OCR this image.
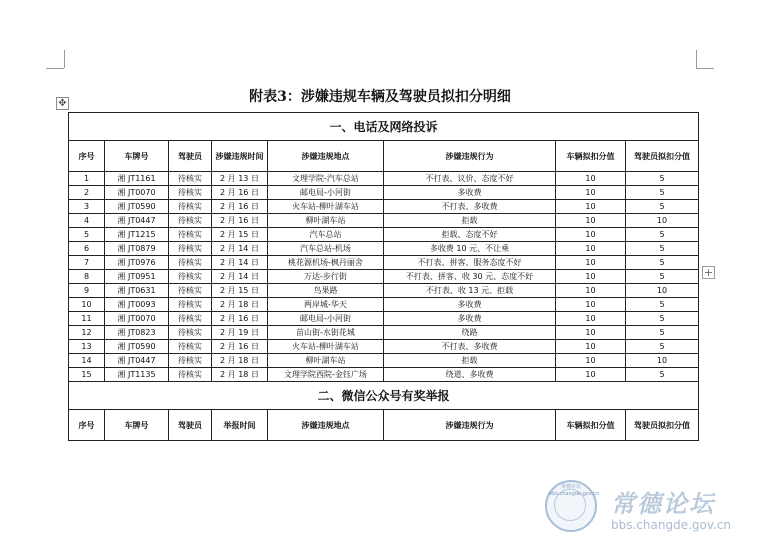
✥
+
附表3：涉嫌违规车辆及驾驶员拟扣分明细
一、电话及网络投诉							
序号	车牌号	驾驶员	涉嫌违规时间	涉嫌违规地点	涉嫌违规行为	车辆拟扣分值	驾驶员拟扣分值
1	湘 JT1161	待核实	2 月 13 日	文理学院-汽车总站	不打表、议价、态度不好	10	5
2	湘 JT0070	待核实	2 月 16 日	邮电局-小河街	多收费	10	5
3	湘 JT0590	待核实	2 月 16 日	火车站-柳叶湖车站	不打表、多收费	10	5
4	湘 JT0447	待核实	2 月 16 日	柳叶湖车站	拒载	10	10
5	湘 JT1215	待核实	2 月 15 日	汽车总站	拒载、态度不好	10	5
6	湘 JT0879	待核实	2 月 14 日	汽车总站-机场	多收费 10 元、不让乘	10	5
7	湘 JT0976	待核实	2 月 14 日	桃花源机场-枫丹丽舍	不打表、拼客、服务态度不好	10	5
8	湘 JT0951	待核实	2 月 14 日	万达-步行街	不打表、拼客、收 30 元、态度不好	10	5
9	湘 JT0631	待核实	2 月 15 日	鸟果路	不打表、收 13 元、拒载	10	10
10	湘 JT0093	待核实	2 月 18 日	两岸城-华天	多收费	10	5
11	湘 JT0070	待核实	2 月 16 日	邮电局-小河街	多收费	10	5
12	湘 JT0823	待核实	2 月 19 日	苗山街-水街花城	绕路	10	5
13	湘 JT0590	待核实	2 月 16 日	火车站-柳叶湖车站	不打表、多收费	10	5
14	湘 JT0447	待核实	2 月 18 日	柳叶湖车站	拒载	10	10
15	湘 JT1135	待核实	2 月 18 日	文理学院西院-金钰广场	绕道、多收费	10	5
二、微信公众号有奖举报							
序号	车牌号	驾驶员	举报时间	涉嫌违规地点	涉嫌违规行为	车辆拟扣分值	驾驶员拟扣分值
常德论坛 bbs.changde.gov.cn 常德论坛
bbs.changde.gov.cn
